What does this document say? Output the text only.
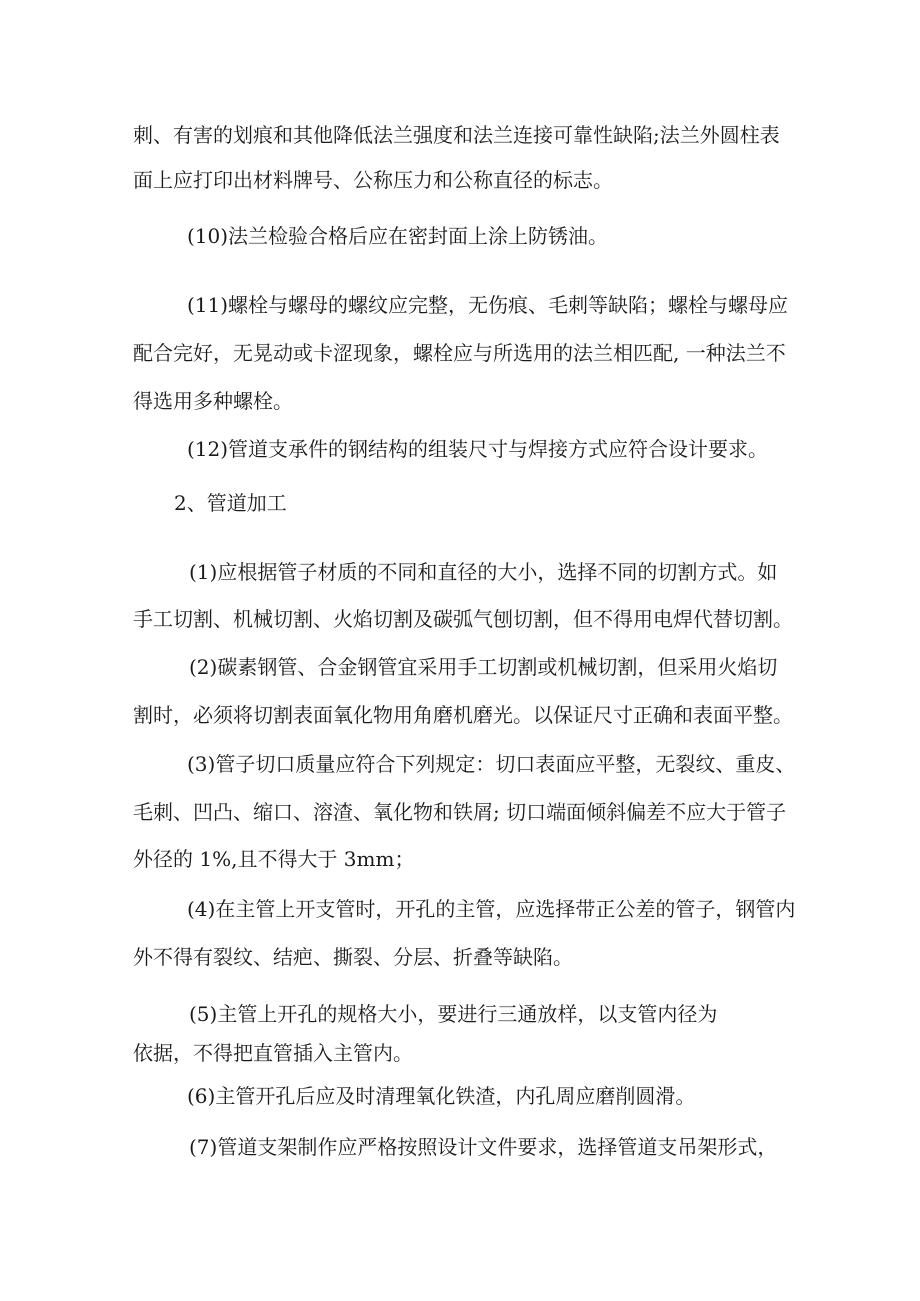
刺、有害的划痕和其他降低法兰强度和法兰连接可靠性缺陷;法兰外圆柱表
面上应打印出材料牌号、公称压力和公称直径的标志。
(10)法兰检验合格后应在密封面上涂上防锈油。
(11)螺栓与螺母的螺纹应完整，无伤痕、毛刺等缺陷；螺栓与螺母应
配合完好，无晃动或卡涩现象，螺栓应与所选用的法兰相匹配, 一种法兰不
得选用多种螺栓。
(12)管道支承件的钢结构的组装尺寸与焊接方式应符合设计要求。
2、管道加工
(1)应根据管子材质的不同和直径的大小，选择不同的切割方式。如
手工切割、机械切割、火焰切割及碳弧气刨切割，但不得用电焊代替切割。
(2)碳素钢管、合金钢管宜采用手工切割或机械切割，但采用火焰切
割时，必须将切割表面氧化物用角磨机磨光。以保证尺寸正确和表面平整。
(3)管子切口质量应符合下列规定：切口表面应平整，无裂纹、重皮、
毛刺、凹凸、缩口、溶渣、氧化物和铁屑; 切口端面倾斜偏差不应大于管子
外径的 1%,且不得大于 3mm；
(4)在主管上开支管时，开孔的主管，应选择带正公差的管子，钢管内
外不得有裂纹、结疤、撕裂、分层、折叠等缺陷。
(5)主管上开孔的规格大小，要进行三通放样，以支管内径为
依据，不得把直管插入主管内。
(6)主管开孔后应及时清理氧化铁渣，内孔周应磨削圆滑。
(7)管道支架制作应严格按照设计文件要求，选择管道支吊架形式，
